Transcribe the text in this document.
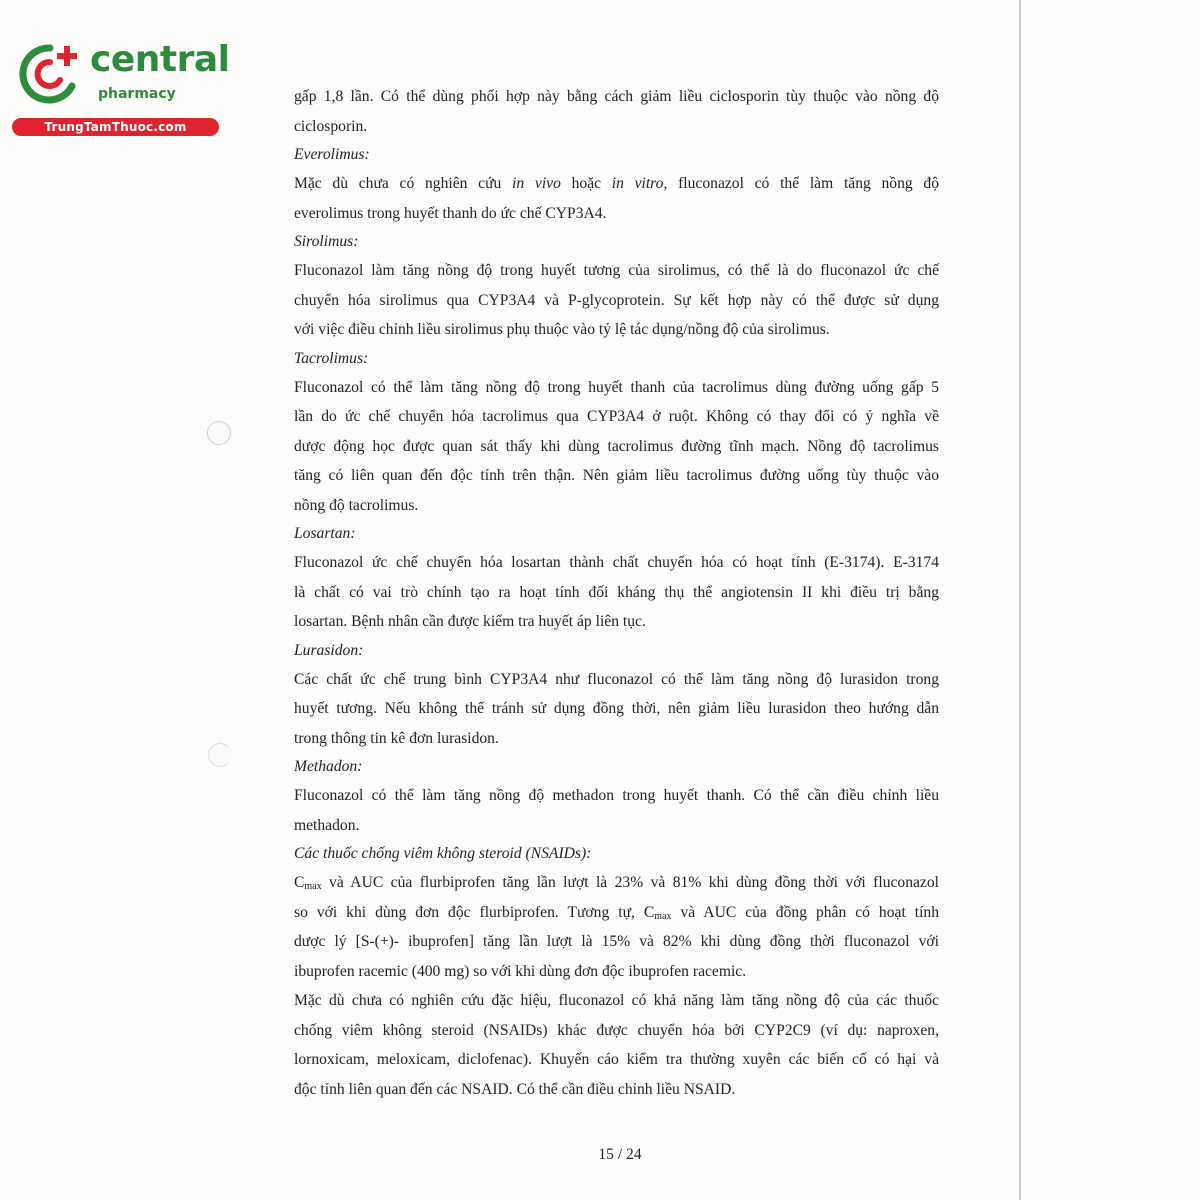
central
pharmacy
TrungTamThuoc.com
gấp 1,8 lần. Có thể dùng phối hợp này bằng cách giảm liều ciclosporin tùy thuộc vào nồng độ
ciclosporin.
Everolimus:
Mặc dù chưa có nghiên cứu in vivo hoặc in vitro, fluconazol có thể làm tăng nồng độ
everolimus trong huyết thanh do ức chế CYP3A4.
Sirolimus:
Fluconazol làm tăng nồng độ trong huyết tương của sirolimus, có thể là do fluconazol ức chế
chuyển hóa sirolimus qua CYP3A4 và P-glycoprotein. Sự kết hợp này có thể được sử dụng
với việc điều chỉnh liều sirolimus phụ thuộc vào tỷ lệ tác dụng/nồng độ của sirolimus.
Tacrolimus:
Fluconazol có thể làm tăng nồng độ trong huyết thanh của tacrolimus dùng đường uống gấp 5
lần do ức chế chuyển hóa tacrolimus qua CYP3A4 ở ruột. Không có thay đổi có ý nghĩa về
dược động học được quan sát thấy khi dùng tacrolimus đường tĩnh mạch. Nồng độ tacrolimus
tăng có liên quan đến độc tính trên thận. Nên giảm liều tacrolimus đường uống tùy thuộc vào
nồng độ tacrolimus.
Losartan:
Fluconazol ức chế chuyển hóa losartan thành chất chuyển hóa có hoạt tính (E-3174). E-3174
là chất có vai trò chính tạo ra hoạt tính đối kháng thụ thể angiotensin II khi điều trị bằng
losartan. Bệnh nhân cần được kiểm tra huyết áp liên tục.
Lurasidon:
Các chất ức chế trung bình CYP3A4 như fluconazol có thể làm tăng nồng độ lurasidon trong
huyết tương. Nếu không thể tránh sử dụng đồng thời, nên giảm liều lurasidon theo hướng dẫn
trong thông tin kê đơn lurasidon.
Methadon:
Fluconazol có thể làm tăng nồng độ methadon trong huyết thanh. Có thể cần điều chỉnh liều
methadon.
Các thuốc chống viêm không steroid (NSAIDs):
$C_{max}$ và AUC của flurbiprofen tăng lần lượt là 23% và 81% khi dùng đồng thời với fluconazol
so với khi dùng đơn độc flurbiprofen. Tương tự, $C_{max}$ và AUC của đồng phân có hoạt tính
dược lý [S-(+)- ibuprofen] tăng lần lượt là 15% và 82% khi dùng đồng thời fluconazol với
ibuprofen racemic (400 mg) so với khi dùng đơn độc ibuprofen racemic.
Mặc dù chưa có nghiên cứu đặc hiệu, fluconazol có khả năng làm tăng nồng độ của các thuốc
chống viêm không steroid (NSAIDs) khác được chuyển hóa bởi CYP2C9 (ví dụ: naproxen,
lornoxicam, meloxicam, diclofenac). Khuyến cáo kiểm tra thường xuyên các biến cố có hại và
độc tính liên quan đến các NSAID. Có thể cần điều chỉnh liều NSAID.
15 / 24
